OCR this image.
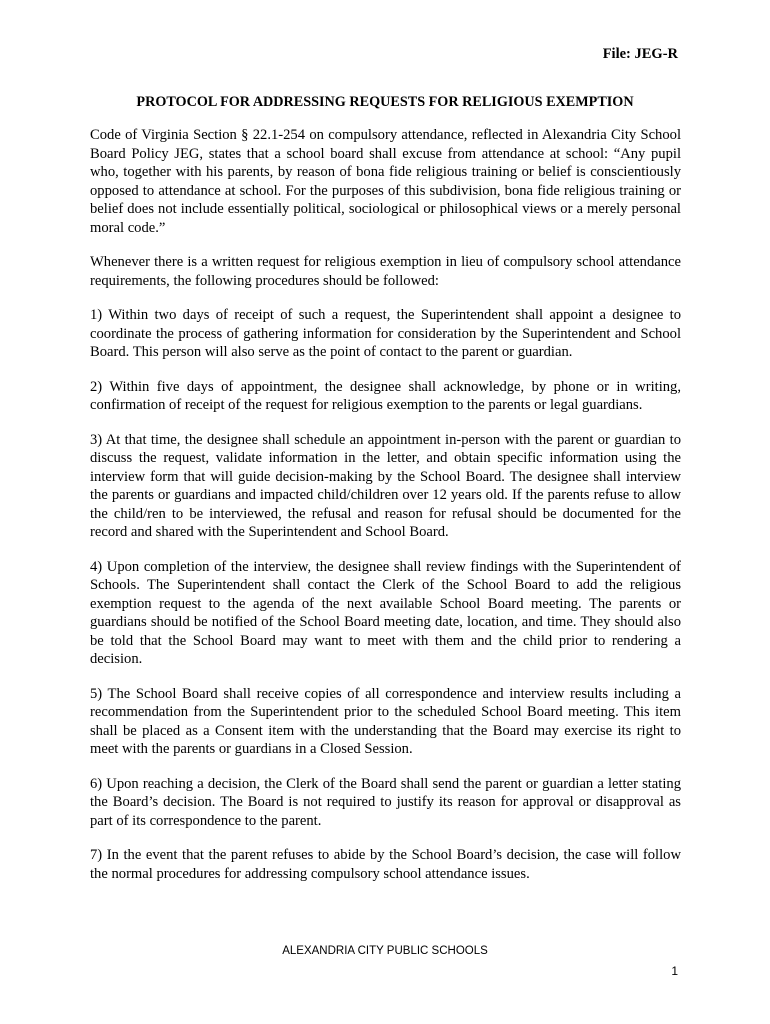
File: JEG-R
PROTOCOL FOR ADDRESSING REQUESTS FOR RELIGIOUS EXEMPTION

Code of Virginia Section § 22.1-254 on compulsory attendance, reflected in Alexandria City School Board Policy JEG, states that a school board shall excuse from attendance at school: “Any pupil who, together with his parents, by reason of bona fide religious training or belief is conscientiously opposed to attendance at school. For the purposes of this subdivision, bona fide religious training or belief does not include essentially political, sociological or philosophical views or a merely personal moral code.”

Whenever there is a written request for religious exemption in lieu of compulsory school attendance requirements, the following procedures should be followed:

1) Within two days of receipt of such a request, the Superintendent shall appoint a designee to coordinate the process of gathering information for consideration by the Superintendent and School Board. This person will also serve as the point of contact to the parent or guardian.

2) Within five days of appointment, the designee shall acknowledge, by phone or in writing, confirmation of receipt of the request for religious exemption to the parents or legal guardians.

3) At that time, the designee shall schedule an appointment in-person with the parent or guardian to discuss the request, validate information in the letter, and obtain specific information using the interview form that will guide decision-making by the School Board. The designee shall interview the parents or guardians and impacted child/children over 12 years old. If the parents refuse to allow the child/ren to be interviewed, the refusal and reason for refusal should be documented for the record and shared with the Superintendent and School Board.

4) Upon completion of the interview, the designee shall review findings with the Superintendent of Schools. The Superintendent shall contact the Clerk of the School Board to add the religious exemption request to the agenda of the next available School Board meeting. The parents or guardians should be notified of the School Board meeting date, location, and time. They should also be told that the School Board may want to meet with them and the child prior to rendering a decision.

5) The School Board shall receive copies of all correspondence and interview results including a recommendation from the Superintendent prior to the scheduled School Board meeting. This item shall be placed as a Consent item with the understanding that the Board may exercise its right to meet with the parents or guardians in a Closed Session.

6) Upon reaching a decision, the Clerk of the Board shall send the parent or guardian a letter stating the Board’s decision. The Board is not required to justify its reason for approval or disapproval as part of its correspondence to the parent.

7) In the event that the parent refuses to abide by the School Board’s decision, the case will follow the normal procedures for addressing compulsory school attendance issues.

ALEXANDRIA CITY PUBLIC SCHOOLS
1
